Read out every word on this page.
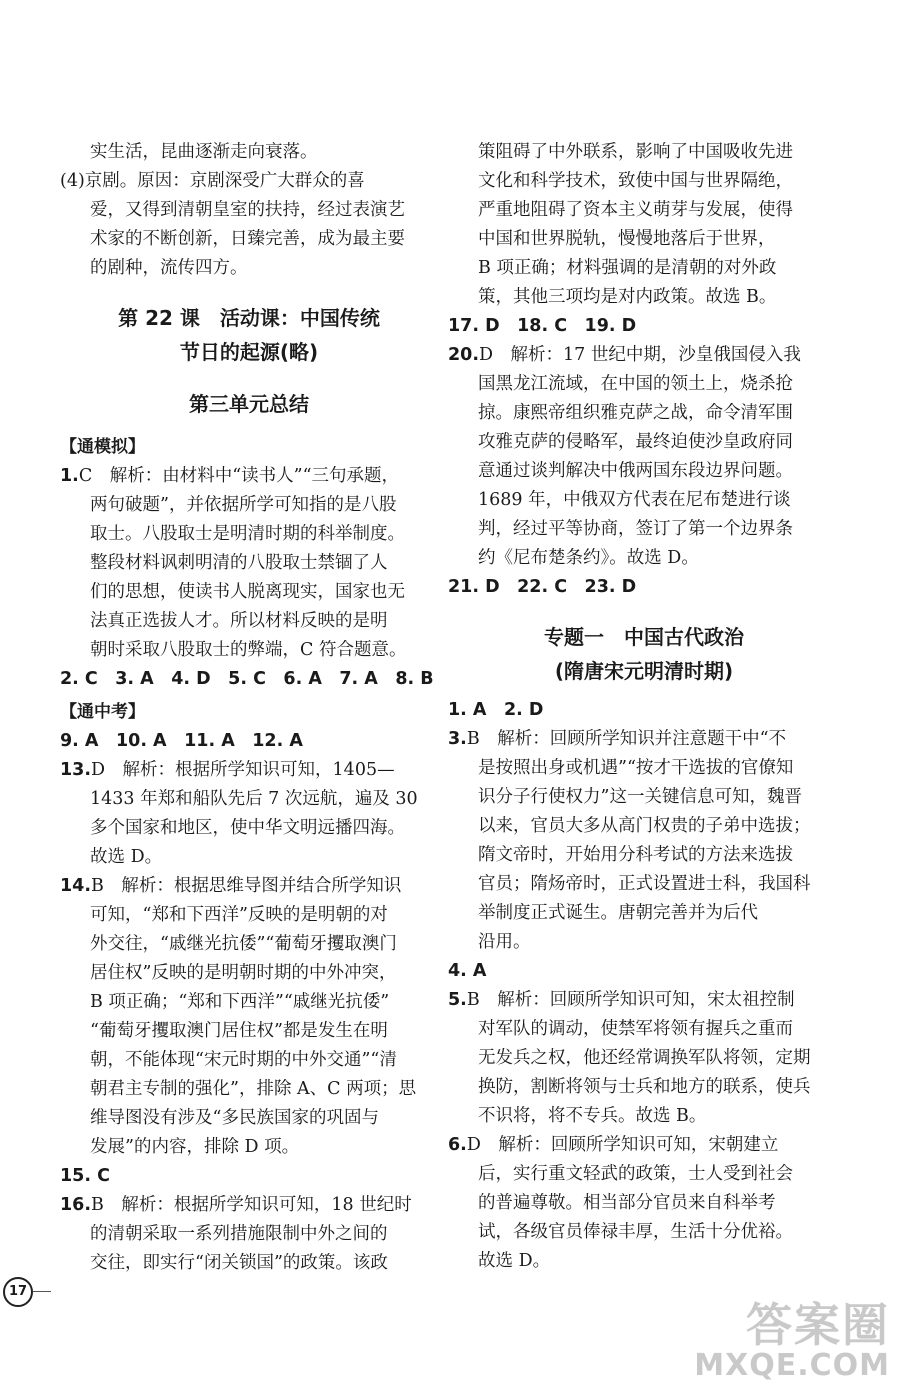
实生活，昆曲逐渐走向衰落。

(4)京剧。原因：京剧深受广大群众的喜

爱，又得到清朝皇室的扶持，经过表演艺

术家的不断创新，日臻完善，成为最主要

的剧种，流传四方。

第 22 课　活动课：中国传统

节日的起源(略)

第三单元总结

【通模拟】

1.C　解析：由材料中“读书人”“三句承题，

两句破题”，并依据所学可知指的是八股

取士。八股取士是明清时期的科举制度。

整段材料讽刺明清的八股取士禁锢了人

们的思想，使读书人脱离现实，国家也无

法真正选拔人才。所以材料反映的是明

朝时采取八股取士的弊端，C 符合题意。

2. C　3. A　4. D　5. C　6. A　7. A　8. B

【通中考】

9. A　10. A　11. A　12. A

13.D　解析：根据所学知识可知，1405—

1433 年郑和船队先后 7 次远航，遍及 30

多个国家和地区，使中华文明远播四海。

故选 D。

14.B　解析：根据思维导图并结合所学知识

可知，“郑和下西洋”反映的是明朝的对

外交往，“戚继光抗倭”“葡萄牙攫取澳门

居住权”反映的是明朝时期的中外冲突，

B 项正确；“郑和下西洋”“戚继光抗倭”

“葡萄牙攫取澳门居住权”都是发生在明

朝，不能体现“宋元时期的中外交通”“清

朝君主专制的强化”，排除 A、C 两项；思

维导图没有涉及“多民族国家的巩固与

发展”的内容，排除 D 项。

15. C

16.B　解析：根据所学知识可知，18 世纪时

的清朝采取一系列措施限制中外之间的

交往，即实行“闭关锁国”的政策。该政

策阻碍了中外联系，影响了中国吸收先进

文化和科学技术，致使中国与世界隔绝，

严重地阻碍了资本主义萌芽与发展，使得

中国和世界脱轨，慢慢地落后于世界，

B 项正确；材料强调的是清朝的对外政

策，其他三项均是对内政策。故选 B。

17. D　18. C　19. D

20.D　解析：17 世纪中期，沙皇俄国侵入我

国黑龙江流域，在中国的领土上，烧杀抢

掠。康熙帝组织雅克萨之战，命令清军围

攻雅克萨的侵略军，最终迫使沙皇政府同

意通过谈判解决中俄两国东段边界问题。

1689 年，中俄双方代表在尼布楚进行谈

判，经过平等协商，签订了第一个边界条

约《尼布楚条约》。故选 D。

21. D　22. C　23. D

专题一　中国古代政治

(隋唐宋元明清时期)

1. A　2. D

3.B　解析：回顾所学知识并注意题干中“不

是按照出身或机遇”“按才干选拔的官僚知

识分子行使权力”这一关键信息可知，魏晋

以来，官员大多从高门权贵的子弟中选拔；

隋文帝时，开始用分科考试的方法来选拔

官员；隋炀帝时，正式设置进士科，我国科

举制度正式诞生。唐朝完善并为后代

沿用。

4. A

5.B　解析：回顾所学知识可知，宋太祖控制

对军队的调动，使禁军将领有握兵之重而

无发兵之权，他还经常调换军队将领，定期

换防，割断将领与士兵和地方的联系，使兵

不识将，将不专兵。故选 B。

6.D　解析：回顾所学知识可知，宋朝建立

后，实行重文轻武的政策，士人受到社会

的普遍尊敬。相当部分官员来自科举考

试，各级官员俸禄丰厚，生活十分优裕。

故选 D。

17
答案圈
MXQE.COM
